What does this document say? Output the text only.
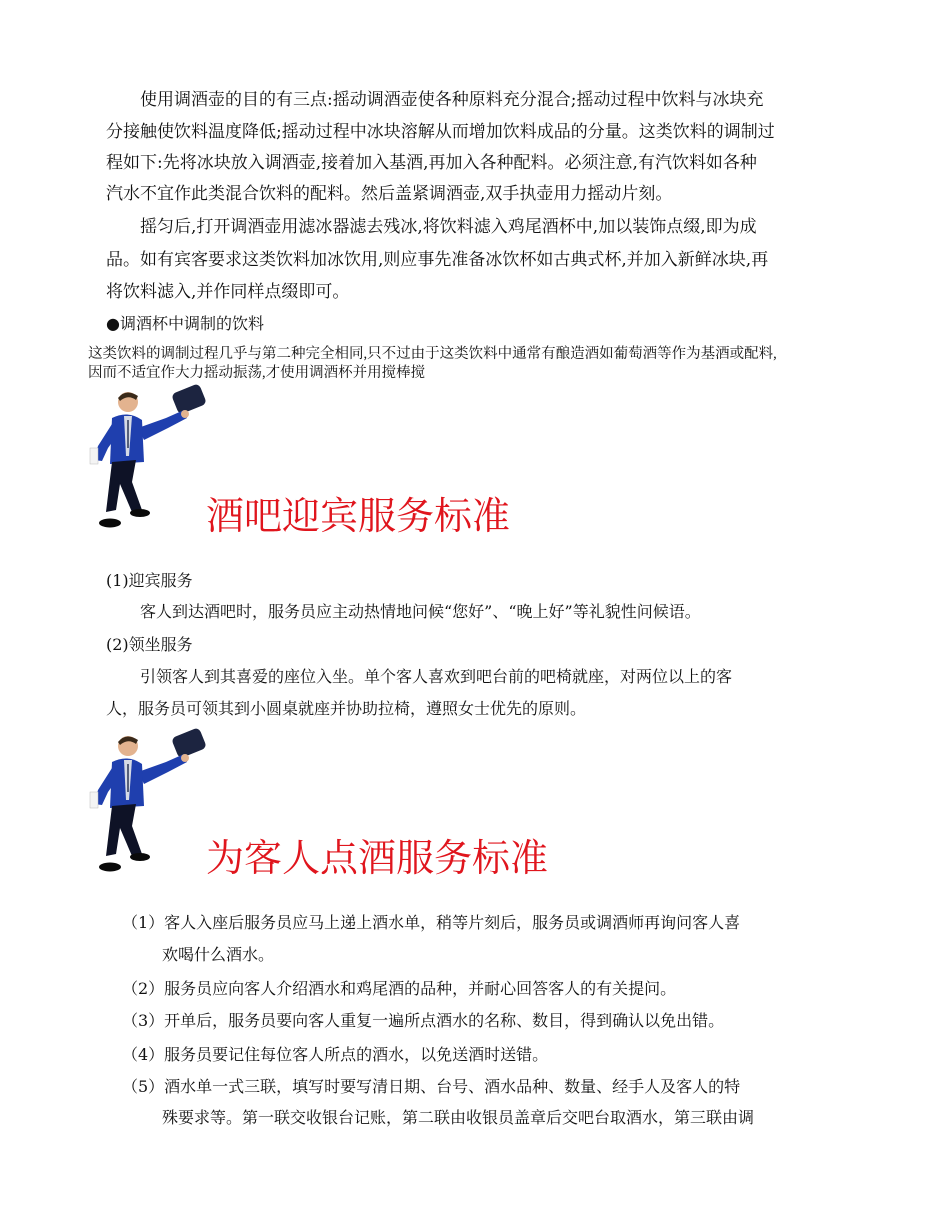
使用调酒壶的目的有三点:摇动调酒壶使各种原料充分混合;摇动过程中饮料与冰块充
分接触使饮料温度降低;摇动过程中冰块溶解从而增加饮料成品的分量。这类饮料的调制过
程如下:先将冰块放入调酒壶,接着加入基酒,再加入各种配料。必须注意,有汽饮料如各种
汽水不宜作此类混合饮料的配料。然后盖紧调酒壶,双手执壶用力摇动片刻。
摇匀后,打开调酒壶用滤冰器滤去残冰,将饮料滤入鸡尾酒杯中,加以装饰点缀,即为成
品。如有宾客要求这类饮料加冰饮用,则应事先准备冰饮杯如古典式杯,并加入新鲜冰块,再
将饮料滤入,并作同样点缀即可。
●调酒杯中调制的饮料
这类饮料的调制过程几乎与第二种完全相同,只不过由于这类饮料中通常有酿造酒如葡萄酒等作为基酒或配料,
因而不适宜作大力摇动振荡,才使用调酒杯并用搅棒搅
酒吧迎宾服务标准
(1)迎宾服务
客人到达酒吧时，服务员应主动热情地问候“您好”、“晚上好”等礼貌性问候语。
(2)领坐服务
引领客人到其喜爱的座位入坐。单个客人喜欢到吧台前的吧椅就座，对两位以上的客
人，服务员可领其到小圆桌就座并协助拉椅，遵照女士优先的原则。
为客人点酒服务标准
（1）客人入座后服务员应马上递上酒水单，稍等片刻后，服务员或调酒师再询问客人喜
欢喝什么酒水。
（2）服务员应向客人介绍酒水和鸡尾酒的品种，并耐心回答客人的有关提问。
（3）开单后，服务员要向客人重复一遍所点酒水的名称、数目，得到确认以免出错。
（4）服务员要记住每位客人所点的酒水，以免送酒时送错。
（5）酒水单一式三联，填写时要写清日期、台号、酒水品种、数量、经手人及客人的特
殊要求等。第一联交收银台记账，第二联由收银员盖章后交吧台取酒水，第三联由调
